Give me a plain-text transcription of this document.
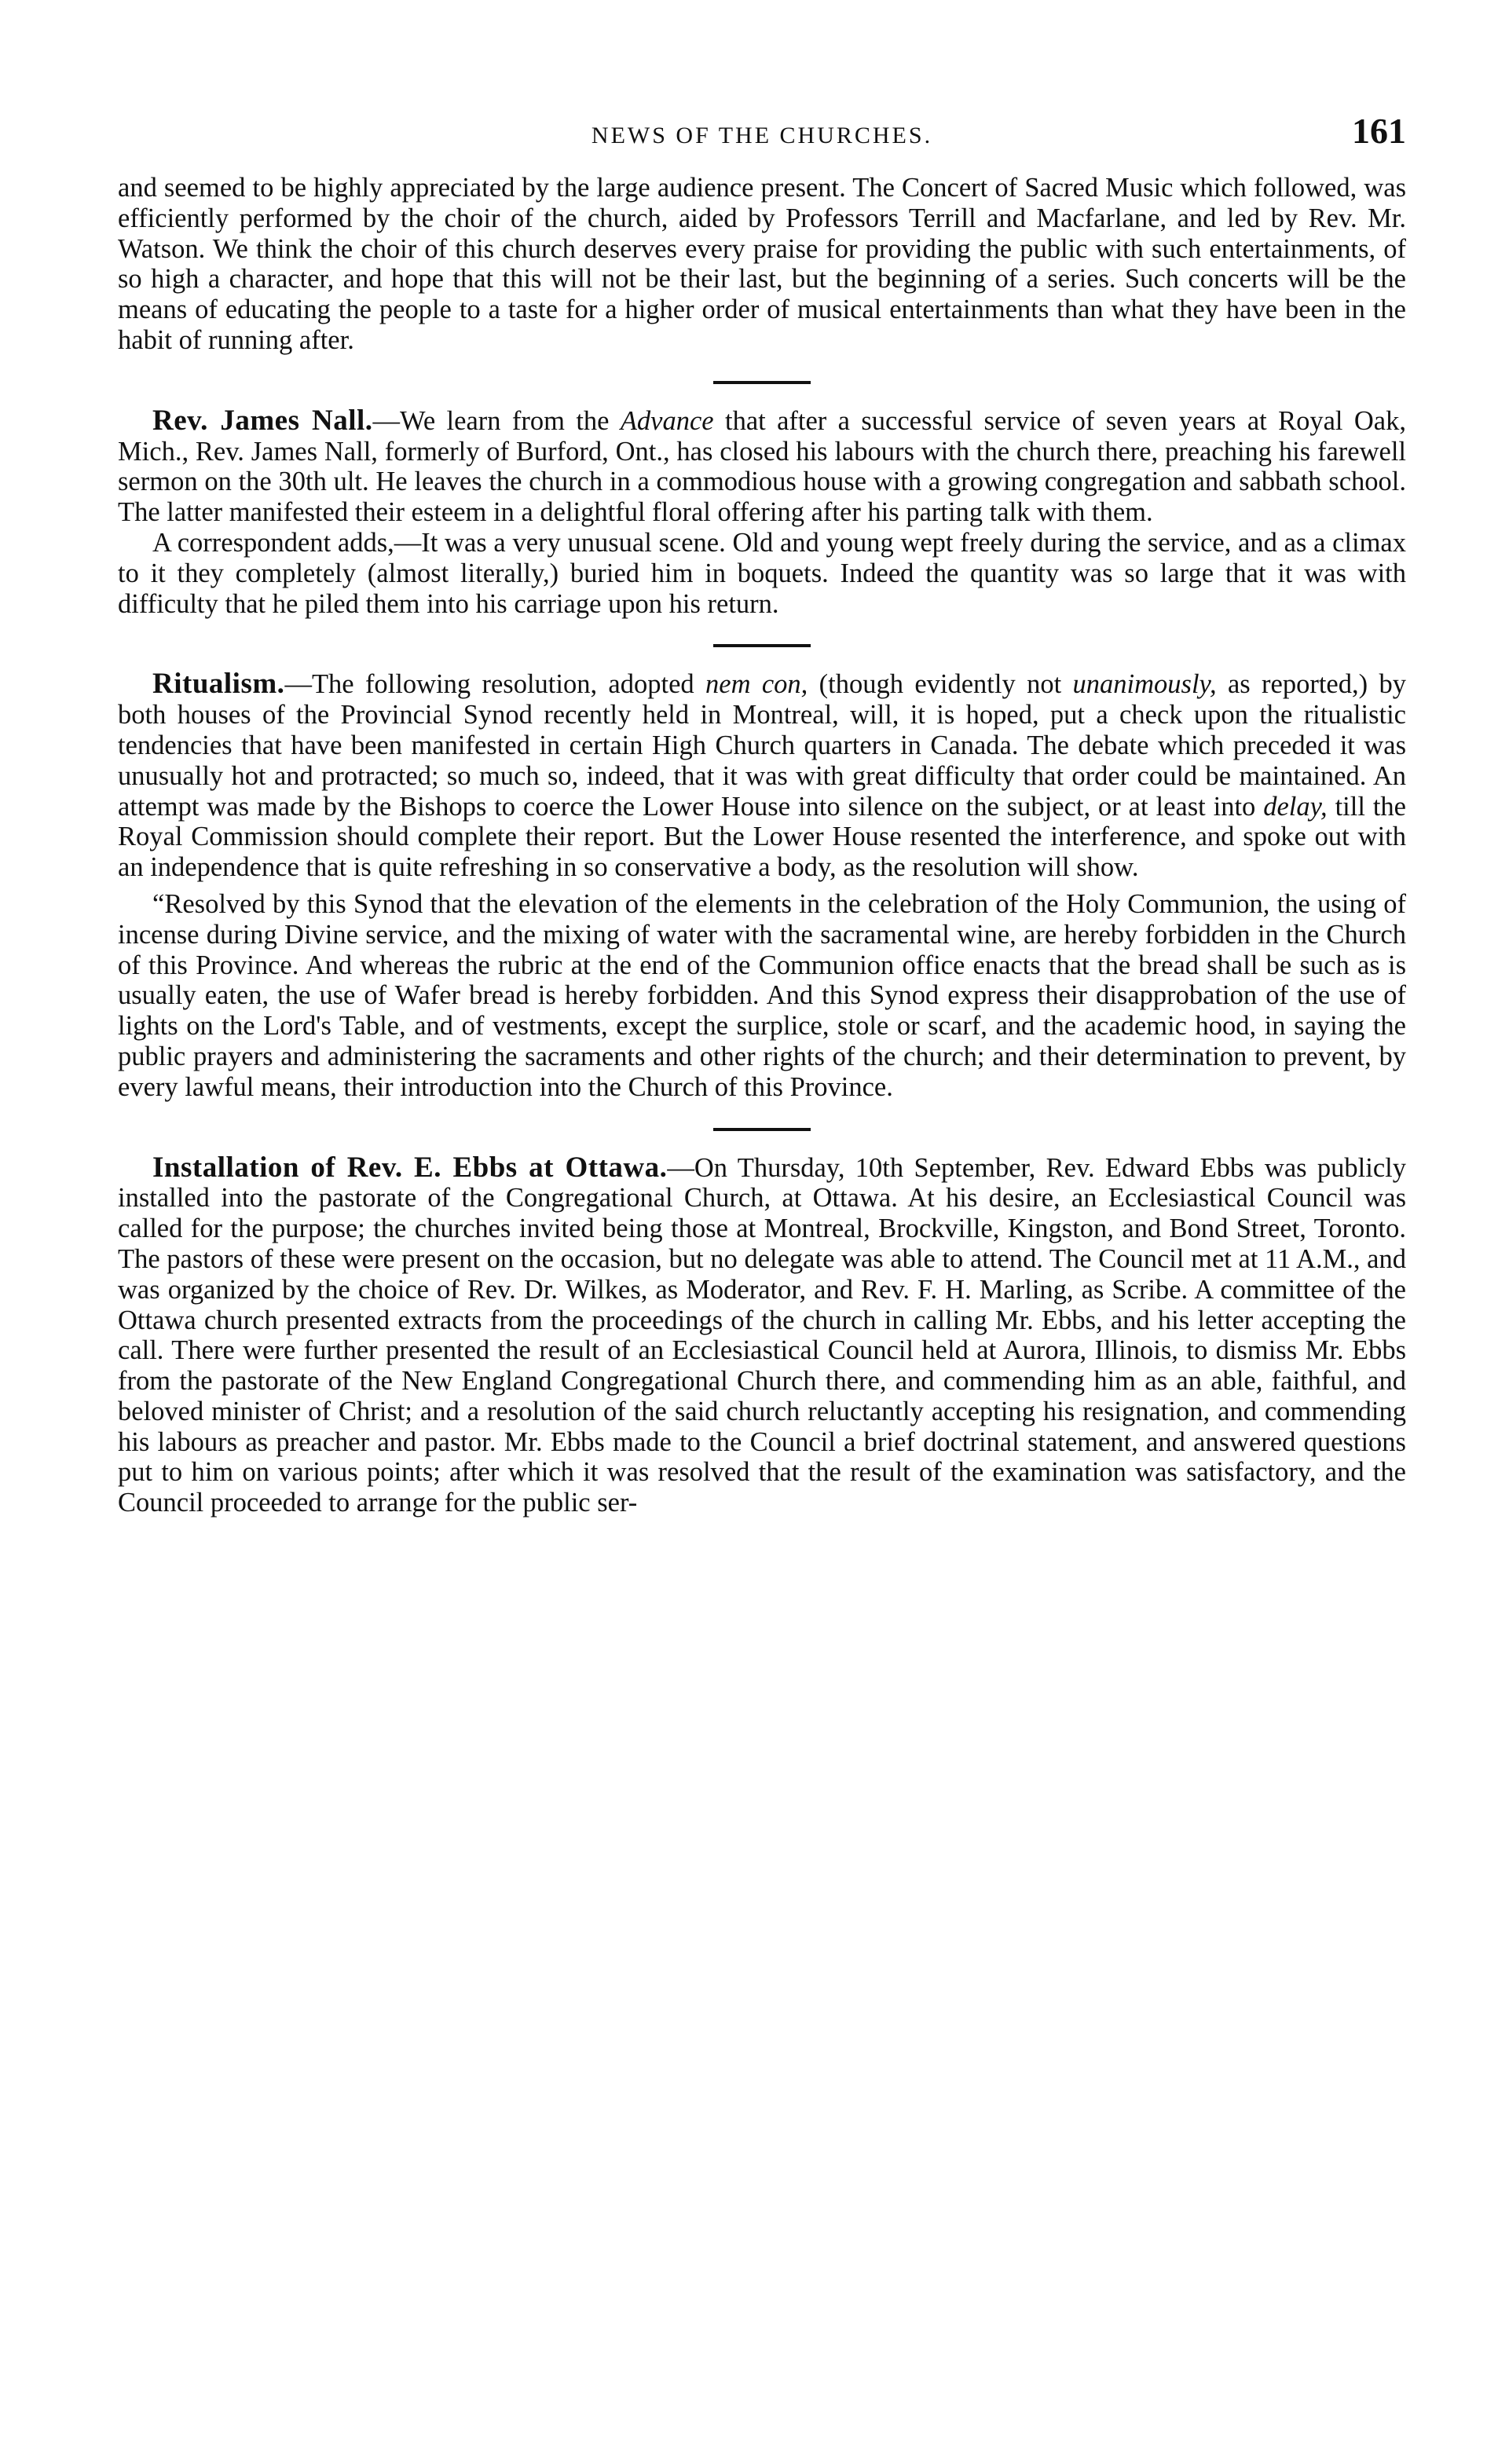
NEWS OF THE CHURCHES.	161

and seemed to be highly appreciated by the large audience present. The Concert of Sacred Music which followed, was efficiently performed by the choir of the church, aided by Professors Terrill and Macfarlane, and led by Rev. Mr. Watson. We think the choir of this church deserves every praise for providing the public with such entertainments, of so high a character, and hope that this will not be their last, but the beginning of a series. Such concerts will be the means of educating the people to a taste for a higher order of musical entertainments than what they have been in the habit of running after.

Rev. James Nall.—We learn from the Advance that after a successful service of seven years at Royal Oak, Mich., Rev. James Nall, formerly of Burford, Ont., has closed his labours with the church there, preaching his farewell sermon on the 30th ult. He leaves the church in a commodious house with a growing congregation and sabbath school. The latter manifested their esteem in a delightful floral offering after his parting talk with them.

A correspondent adds,—It was a very unusual scene. Old and young wept freely during the service, and as a climax to it they completely (almost literally,) buried him in boquets. Indeed the quantity was so large that it was with difficulty that he piled them into his carriage upon his return.

Ritualism.—The following resolution, adopted nem con, (though evidently not unanimously, as reported,) by both houses of the Provincial Synod recently held in Montreal, will, it is hoped, put a check upon the ritualistic tendencies that have been manifested in certain High Church quarters in Canada. The debate which preceded it was unusually hot and protracted; so much so, indeed, that it was with great difficulty that order could be maintained. An attempt was made by the Bishops to coerce the Lower House into silence on the subject, or at least into delay, till the Royal Commission should complete their report. But the Lower House resented the interference, and spoke out with an independence that is quite refreshing in so conservative a body, as the resolution will show.

“Resolved by this Synod that the elevation of the elements in the celebration of the Holy Communion, the using of incense during Divine service, and the mixing of water with the sacramental wine, are hereby forbidden in the Church of this Province. And whereas the rubric at the end of the Communion office enacts that the bread shall be such as is usually eaten, the use of Wafer bread is hereby forbidden. And this Synod express their disapprobation of the use of lights on the Lord's Table, and of vestments, except the surplice, stole or scarf, and the academic hood, in saying the public prayers and administering the sacraments and other rights of the church; and their determination to prevent, by every lawful means, their introduction into the Church of this Province.

Installation of Rev. E. Ebbs at Ottawa.—On Thursday, 10th September, Rev. Edward Ebbs was publicly installed into the pastorate of the Congregational Church, at Ottawa. At his desire, an Ecclesiastical Council was called for the purpose; the churches invited being those at Montreal, Brockville, Kingston, and Bond Street, Toronto. The pastors of these were present on the occasion, but no delegate was able to attend. The Council met at 11 A.M., and was organized by the choice of Rev. Dr. Wilkes, as Moderator, and Rev. F. H. Marling, as Scribe. A committee of the Ottawa church presented extracts from the proceedings of the church in calling Mr. Ebbs, and his letter accepting the call. There were further presented the result of an Ecclesiastical Council held at Aurora, Illinois, to dismiss Mr. Ebbs from the pastorate of the New England Congregational Church there, and commending him as an able, faithful, and beloved minister of Christ; and a resolution of the said church reluctantly accepting his resignation, and commending his labours as preacher and pastor. Mr. Ebbs made to the Council a brief doctrinal statement, and answered questions put to him on various points; after which it was resolved that the result of the examination was satisfactory, and the Council proceeded to arrange for the public ser-
